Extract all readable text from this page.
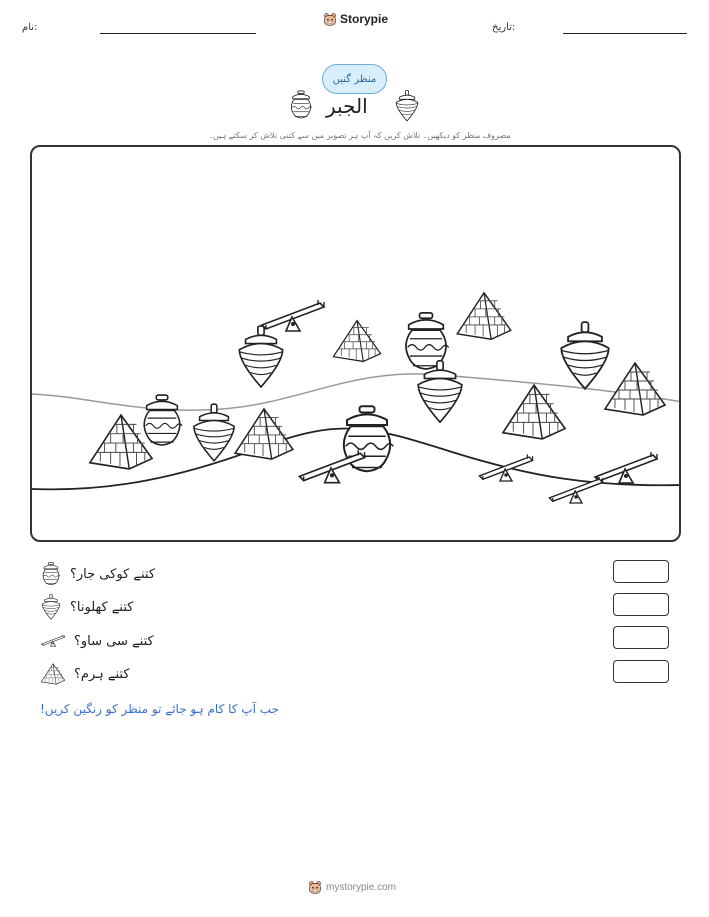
نام:
Storypie
تاریخ:
منظر گنیں
الجبر
مصروف منظر کو دیکھیں۔ تلاش کریں کہ آپ ہر تصویر میں سے کتنی تلاش کر سکتے ہیں۔
کتنے کوکی جار؟
کتنے کھلونا؟
کتنے سی ساو؟
کتنے ہرم؟
جب آپ کا کام ہو جائے تو منظر کو رنگین کریں!
mystorypie.com
